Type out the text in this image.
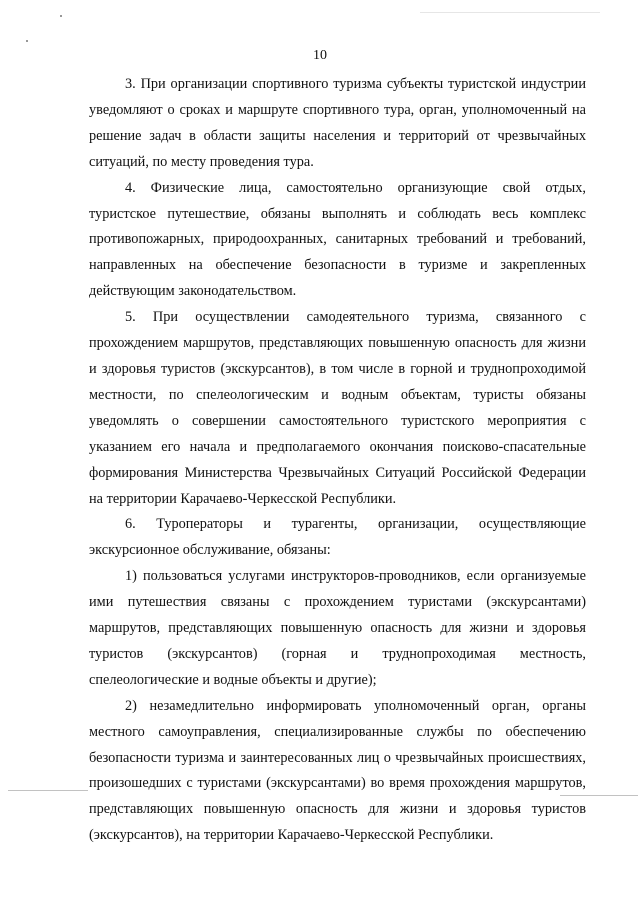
10

3. При организации спортивного туризма субъекты туристской индустрии уведомляют о сроках и маршруте спортивного тура, орган, уполномоченный на решение задач в области защиты населения и территорий от чрезвычайных ситуаций, по месту проведения тура.

4. Физические лица, самостоятельно организующие свой отдых, туристское путешествие, обязаны выполнять и соблюдать весь комплекс противопожарных, природоохранных, санитарных требований и требований, направленных на обеспечение безопасности в туризме и закрепленных действующим законодательством.

5. При осуществлении самодеятельного туризма, связанного с прохождением маршрутов, представляющих повышенную опасность для жизни и здоровья туристов (экскурсантов), в том числе в горной и труднопроходимой местности, по спелеологическим и водным объектам, туристы обязаны уведомлять о совершении самостоятельного туристского мероприятия с указанием его начала и предполагаемого окончания поисково-спасательные формирования Министерства Чрезвычайных Ситуаций Российской Федерации на территории Карачаево-Черкесской Республики.

6. Туроператоры и турагенты, организации, осуществляющие экскурсионное обслуживание, обязаны:

1) пользоваться услугами инструкторов-проводников, если организуемые ими путешествия связаны с прохождением туристами (экскурсантами) маршрутов, представляющих повышенную опасность для жизни и здоровья туристов (экскурсантов) (горная и труднопроходимая местность, спелеологические и водные объекты и другие);

2) незамедлительно информировать уполномоченный орган, органы местного самоуправления, специализированные службы по обеспечению безопасности туризма и заинтересованных лиц о чрезвычайных происшествиях, произошедших с туристами (экскурсантами) во время прохождения маршрутов, представляющих повышенную опасность для жизни и здоровья туристов (экскурсантов), на территории Карачаево-Черкесской Республики.
